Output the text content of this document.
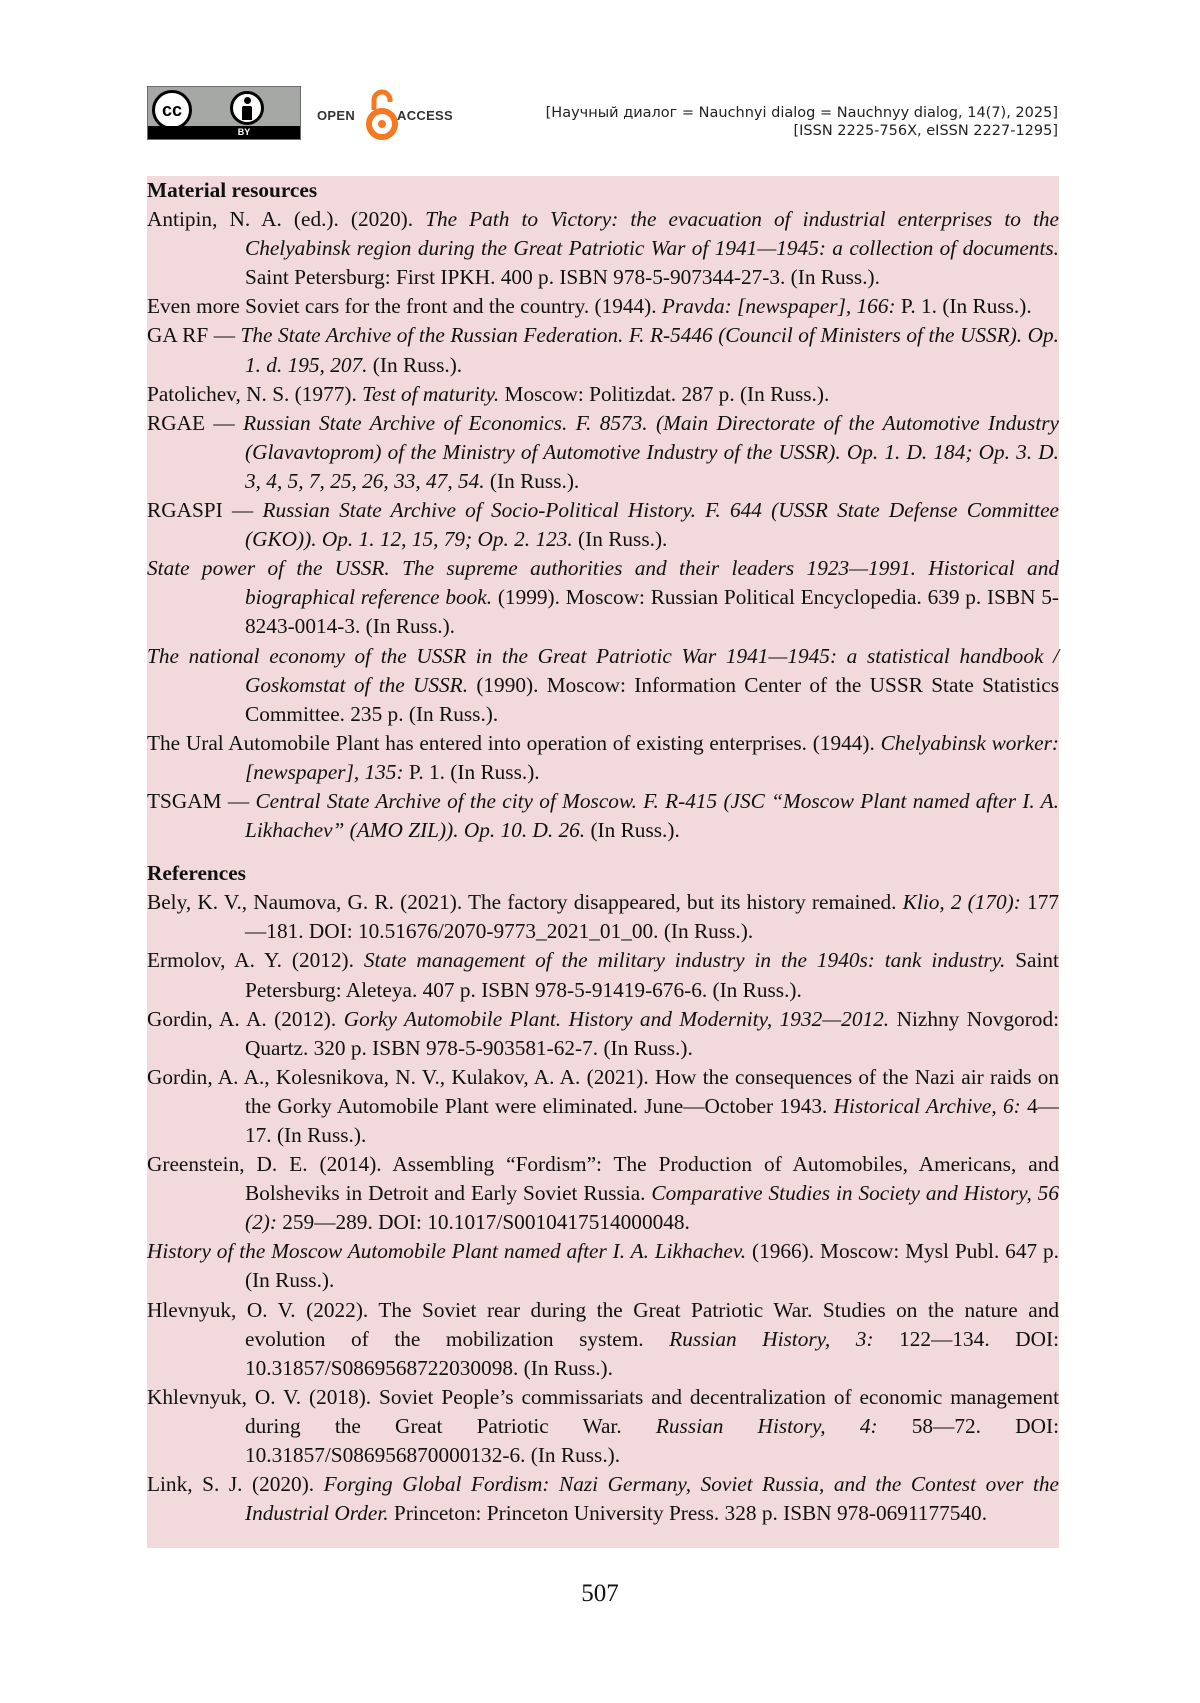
cc
BY
OPEN	ACCESS	[Научный диалог = Nauchnyi dialog = Nauchnyy dialog, 14(7), 2025]
[ISSN 2225-756X, eISSN 2227-1295]
Material resources
Antipin, N. A. (ed.). (2020). The Path to Victory: the evacuation of industrial enterprises to the Chelyabinsk region during the Great Patriotic War of 1941—1945: a collection of documents. Saint Petersburg: First IPKH. 400 p. ISBN 978-5-907344-27-3. (In Russ.).
Even more Soviet cars for the front and the country. (1944). Pravda: [newspaper], 166: P. 1. (In Russ.).
GA RF — The State Archive of the Russian Federation. F. R-5446 (Council of Ministers of the USSR). Op. 1. d. 195, 207. (In Russ.).
Patolichev, N. S. (1977). Test of maturity. Moscow: Politizdat. 287 p. (In Russ.).
RGAE — Russian State Archive of Economics. F. 8573. (Main Directorate of the Automotive Industry (Glavavtoprom) of the Ministry of Automotive Industry of the USSR). Op. 1. D. 184; Op. 3. D. 3, 4, 5, 7, 25, 26, 33, 47, 54. (In Russ.).
RGASPI — Russian State Archive of Socio-Political History. F. 644 (USSR State Defense Committee (GKO)). Op. 1. 12, 15, 79; Op. 2. 123. (In Russ.).
State power of the USSR. The supreme authorities and their leaders 1923—1991. Historical and biographical reference book. (1999). Moscow: Russian Political Encyclopedia. 639 p. ISBN 5-8243-0014-3. (In Russ.).
The national economy of the USSR in the Great Patriotic War 1941—1945: a statistical handbook / Goskomstat of the USSR. (1990). Moscow: Information Center of the USSR State Statistics Committee. 235 p. (In Russ.).
The Ural Automobile Plant has entered into operation of existing enterprises. (1944). Chelyabinsk worker: [newspaper], 135: P. 1. (In Russ.).
TSGAM — Central State Archive of the city of Moscow. F. R-415 (JSC “Moscow Plant named after I. A. Likhachev” (AMO ZIL)). Op. 10. D. 26. (In Russ.).
References
Bely, K. V., Naumova, G. R. (2021). The factory disappeared, but its history remained. Klio, 2 (170): 177—181. DOI: 10.51676/2070-9773_2021_01_00. (In Russ.).
Ermolov, A. Y. (2012). State management of the military industry in the 1940s: tank industry. Saint Petersburg: Aleteya. 407 p. ISBN 978-5-91419-676-6. (In Russ.).
Gordin, A. A. (2012). Gorky Automobile Plant. History and Modernity, 1932—2012. Nizhny Novgorod: Quartz. 320 p. ISBN 978-5-903581-62-7. (In Russ.).
Gordin, A. A., Kolesnikova, N. V., Kulakov, A. A. (2021). How the consequences of the Nazi air raids on the Gorky Automobile Plant were eliminated. June—October 1943. Historical Archive, 6: 4—17. (In Russ.).
Greenstein, D. E. (2014). Assembling “Fordism”: The Production of Automobiles, Americans, and Bolsheviks in Detroit and Early Soviet Russia. Comparative Studies in Society and History, 56 (2): 259—289. DOI: 10.1017/S0010417514000048.
History of the Moscow Automobile Plant named after I. A. Likhachev. (1966). Moscow: Mysl Publ. 647 p. (In Russ.).
Hlevnyuk, O. V. (2022). The Soviet rear during the Great Patriotic War. Studies on the nature and evolution of the mobilization system. Russian History, 3: 122—134. DOI: 10.31857/S0869568722030098. (In Russ.).
Khlevnyuk, O. V. (2018). Soviet People’s commissariats and decentralization of economic management during the Great Patriotic War. Russian History, 4: 58—72. DOI: 10.31857/S086956870000132-6. (In Russ.).
Link, S. J. (2020). Forging Global Fordism: Nazi Germany, Soviet Russia, and the Contest over the Industrial Order. Princeton: Princeton University Press. 328 p. ISBN 978-0691177540.
507
